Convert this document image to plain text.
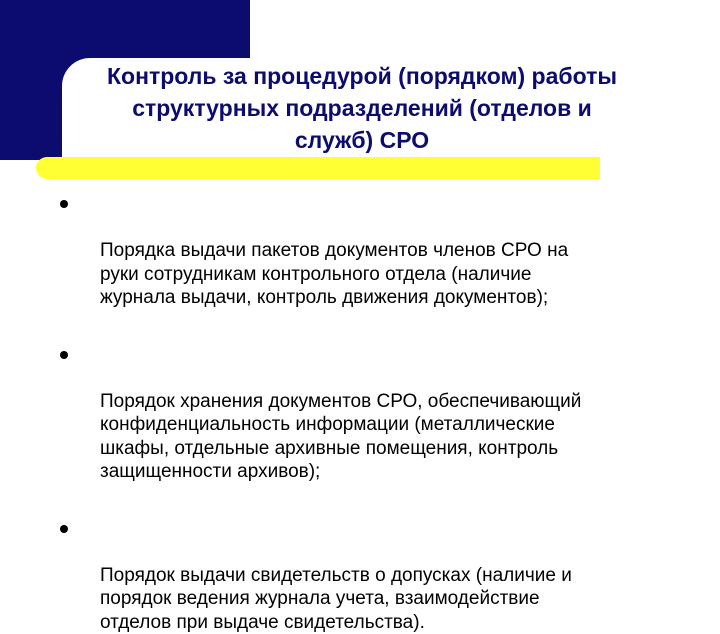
Контроль за процедурой (порядком) работы
структурных подразделений (отделов и
служб) СРО

Порядка выдачи пакетов документов членов СРО на
руки сотрудникам контрольного отдела (наличие
журнала выдачи, контроль движения документов);

Порядок хранения документов СРО, обеспечивающий
конфиденциальность информации (металлические
шкафы, отдельные архивные помещения, контроль
защищенности архивов);

Порядок выдачи свидетельств о допусках (наличие и
порядок ведения журнала учета, взаимодействие
отделов при выдаче свидетельства).
